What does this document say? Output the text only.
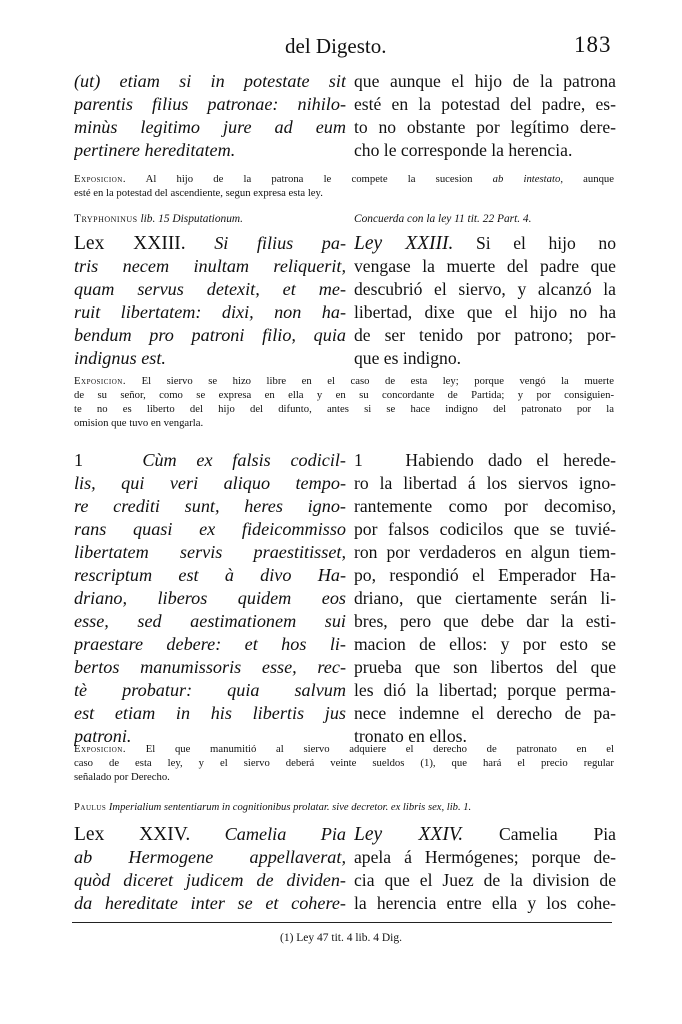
del Digesto.	183
(ut) etiam si in potestate sit
parentis filius patronae: nihilo-
minùs legitimo jure ad eum
pertinere hereditatem.
que aunque el hijo de la patrona
esté en la potestad del padre, es-
to no obstante por legítimo dere-
cho le corresponde la herencia.
Exposicion. Al hijo de la patrona le compete la sucesion ab intestato, aunque
esté en la potestad del ascendiente, segun expresa esta ley.
Tryphoninus lib. 15 Disputationum.	Concuerda con la ley 11 tit. 22 Part. 4.
Lex XXIII. Si filius pa-
tris necem inultam reliquerit,
quam servus detexit, et me-
ruit libertatem: dixi, non ha-
bendum pro patroni filio, quia
indignus est.
Ley XXIII. Si el hijo no
vengase la muerte del padre que
descubrió el siervo, y alcanzó la
libertad, dixe que el hijo no ha
de ser tenido por patrono; por-
que es indigno.
Exposicion. El siervo se hizo libre en el caso de esta ley; porque vengó la muerte
de su señor, como se expresa en ella y en su concordante de Partida; y por consiguien-
te no es liberto del hijo del difunto, antes si se hace indigno del patronato por la
omision que tuvo en vengarla.
1	Cùm ex falsis codicil-
lis, qui veri aliquo tempo-
re crediti sunt, heres igno-
rans quasi ex fideicommisso
libertatem servis praestitisset,
rescriptum est à divo Ha-
driano, liberos quidem eos
esse, sed aestimationem sui
praestare debere: et hos li-
bertos manumissoris esse, rec-
tè probatur: quia salvum
est etiam in his libertis jus
patroni.
1 Habiendo dado el herede-
ro la libertad á los siervos igno-
rantemente como por decomiso,
por falsos codicilos que se tuvié-
ron por verdaderos en algun tiem-
po, respondió el Emperador Ha-
driano, que ciertamente serán li-
bres, pero que debe dar la esti-
macion de ellos: y por esto se
prueba que son libertos del que
les dió la libertad; porque perma-
nece indemne el derecho de pa-
tronato en ellos.
Exposicion. El que manumitió al siervo adquiere el derecho de patronato en el
caso de esta ley, y el siervo deberá veinte sueldos (1), que hará el precio regular
señalado por Derecho.
Paulus Imperialium sententiarum in cognitionibus prolatar. sive decretor. ex libris sex, lib. 1.
Lex XXIV. Camelia Pia
ab Hermogene appellaverat,
quòd diceret judicem de dividen-
da hereditate inter se et cohere-
Ley XXIV. Camelia Pia
apela á Hermógenes; porque de-
cia que el Juez de la division de
la herencia entre ella y los cohe-
(1) Ley 47 tit. 4 lib. 4 Dig.
